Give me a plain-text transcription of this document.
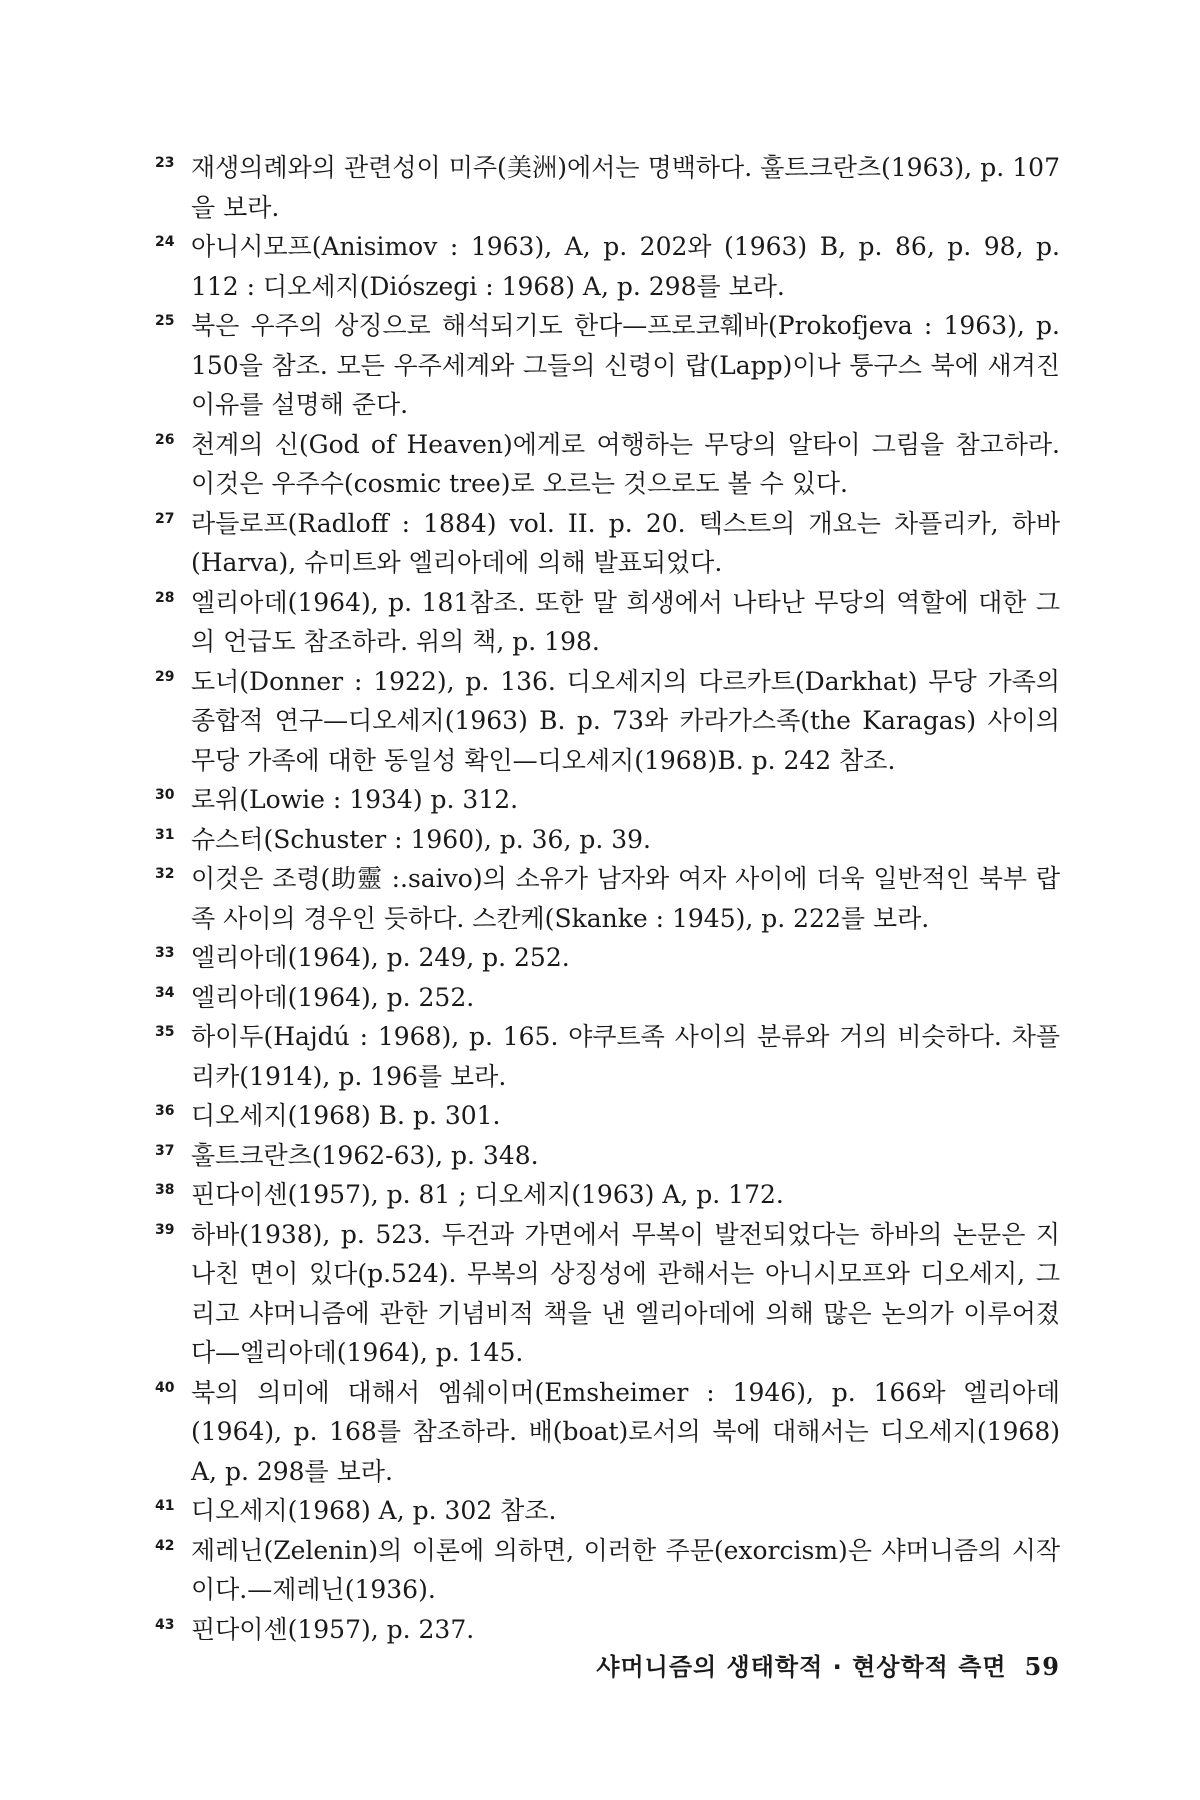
23 재생의례와의 관련성이 미주(美洲)에서는 명백하다. 훌트크란츠(1963), p. 107을 보라.

24 아니시모프(Anisimov : 1963), A, p. 202와 (1963) B, p. 86, p. 98, p. 112 : 디오세지(Diószegi : 1968) A, p. 298를 보라.

25 북은 우주의 상징으로 해석되기도 한다—프로코훼바(Prokofjeva : 1963), p. 150을 참조. 모든 우주세계와 그들의 신령이 랍(Lapp)이나 퉁구스 북에 새겨진 이유를 설명해 준다.

26 천계의 신(God of Heaven)에게로 여행하는 무당의 알타이 그림을 참고하라. 이것은 우주수(cosmic tree)로 오르는 것으로도 볼 수 있다.

27 라들로프(Radloff : 1884) vol. II. p. 20. 텍스트의 개요는 차플리카, 하바(Harva), 슈미트와 엘리아데에 의해 발표되었다.

28 엘리아데(1964), p. 181참조. 또한 말 희생에서 나타난 무당의 역할에 대한 그의 언급도 참조하라. 위의 책, p. 198.

29 도너(Donner : 1922), p. 136. 디오세지의 다르카트(Darkhat) 무당 가족의 종합적 연구—디오세지(1963) B. p. 73와 카라가스족(the Karagas) 사이의 무당 가족에 대한 동일성 확인—디오세지(1968)B. p. 242 참조.

30 로위(Lowie : 1934) p. 312.

31 슈스터(Schuster : 1960), p. 36, p. 39.

32 이것은 조령(助靈 :.saivo)의 소유가 남자와 여자 사이에 더욱 일반적인 북부 랍 족 사이의 경우인 듯하다. 스칸케(Skanke : 1945), p. 222를 보라.

33 엘리아데(1964), p. 249, p. 252.

34 엘리아데(1964), p. 252.

35 하이두(Hajdú : 1968), p. 165. 야쿠트족 사이의 분류와 거의 비슷하다. 차플리카(1914), p. 196를 보라.

36 디오세지(1968) B. p. 301.

37 훌트크란츠(1962-63), p. 348.

38 핀다이센(1957), p. 81 ; 디오세지(1963) A, p. 172.

39 하바(1938), p. 523. 두건과 가면에서 무복이 발전되었다는 하바의 논문은 지나친 면이 있다(p.524). 무복의 상징성에 관해서는 아니시모프와 디오세지, 그리고 샤머니즘에 관한 기념비적 책을 낸 엘리아데에 의해 많은 논의가 이루어졌다—엘리아데(1964), p. 145.

40 북의 의미에 대해서 엠쉐이머(Emsheimer : 1946), p. 166와 엘리아데(1964), p. 168를 참조하라. 배(boat)로서의 북에 대해서는 디오세지(1968) A, p. 298를 보라.

41 디오세지(1968) A, p. 302 참조.

42 제레닌(Zelenin)의 이론에 의하면, 이러한 주문(exorcism)은 샤머니즘의 시작이다.—제레닌(1936).

43 핀다이센(1957), p. 237.

샤머니즘의 생태학적 · 현상학적 측면 59
